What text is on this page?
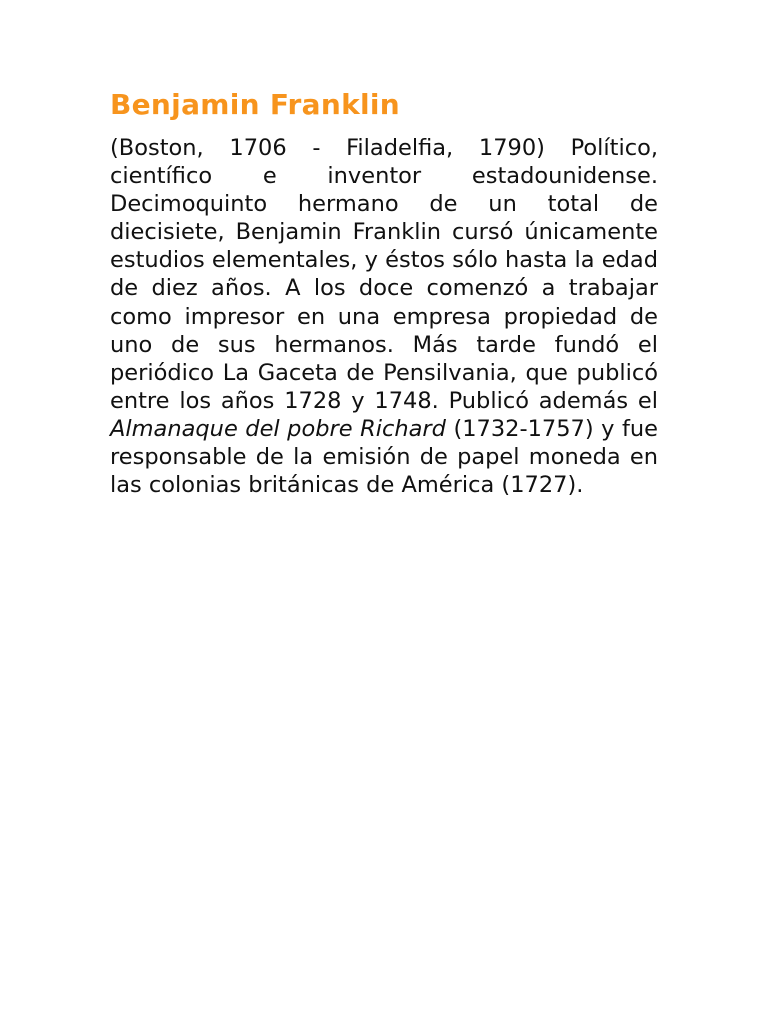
Benjamin Franklin

(Boston, 1706 - Filadelfia, 1790) Político, científico e inventor estadounidense. Decimoquinto hermano de un total de diecisiete, Benjamin Franklin cursó únicamente estudios elementales, y éstos sólo hasta la edad de diez años. A los doce comenzó a trabajar como impresor en una empresa propiedad de uno de sus hermanos. Más tarde fundó el periódico La Gaceta de Pensilvania, que publicó entre los años 1728 y 1748. Publicó además el Almanaque del pobre Richard (1732-1757) y fue responsable de la emisión de papel moneda en las colonias británicas de América (1727).
